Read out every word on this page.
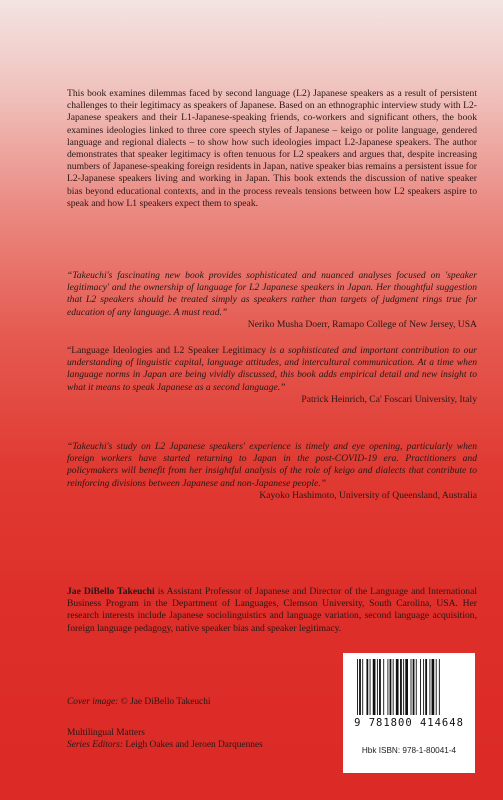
This book examines dilemmas faced by second language (L2) Japanese speakers as a result of persistent challenges to their legitimacy as speakers of Japanese. Based on an ethnographic interview study with L2-Japanese speakers and their L1-Japanese-speaking friends, co-workers and significant others, the book examines ideologies linked to three core speech styles of Japanese – keigo or polite language, gendered language and regional dialects – to show how such ideologies impact L2-Japanese speakers. The author demonstrates that speaker legitimacy is often tenuous for L2 speakers and argues that, despite increasing numbers of Japanese-speaking foreign residents in Japan, native speaker bias remains a persistent issue for L2-Japanese speakers living and working in Japan. This book extends the discussion of native speaker bias beyond educational contexts, and in the process reveals tensions between how L2 speakers aspire to speak and how L1 speakers expect them to speak.

“Takeuchi's fascinating new book provides sophisticated and nuanced analyses focused on 'speaker legitimacy' and the ownership of language for L2 Japanese speakers in Japan. Her thoughtful suggestion that L2 speakers should be treated simply as speakers rather than targets of judgment rings true for education of any language. A must read.”

Neriko Musha Doerr, Ramapo College of New Jersey, USA

“Language Ideologies and L2 Speaker Legitimacy is a sophisticated and important contribution to our understanding of linguistic capital, language attitudes, and intercultural communication. At a time when language norms in Japan are being vividly discussed, this book adds empirical detail and new insight to what it means to speak Japanese as a second language.”

Patrick Heinrich, Ca' Foscari University, Italy

“Takeuchi's study on L2 Japanese speakers' experience is timely and eye opening, particularly when foreign workers have started returning to Japan in the post-COVID-19 era. Practitioners and policymakers will benefit from her insightful analysis of the role of keigo and dialects that contribute to reinforcing divisions between Japanese and non-Japanese people.”

Kayoko Hashimoto, University of Queensland, Australia

Jae DiBello Takeuchi is Assistant Professor of Japanese and Director of the Language and International Business Program in the Department of Languages, Clemson University, South Carolina, USA. Her research interests include Japanese sociolinguistics and language variation, second language acquisition, foreign language pedagogy, native speaker bias and speaker legitimacy.

Cover image: © Jae DiBello Takeuchi
Multilingual Matters
Series Editors: Leigh Oakes and Jeroen Darquennes
9 781800 414648
Hbk ISBN: 978-1-80041-4
